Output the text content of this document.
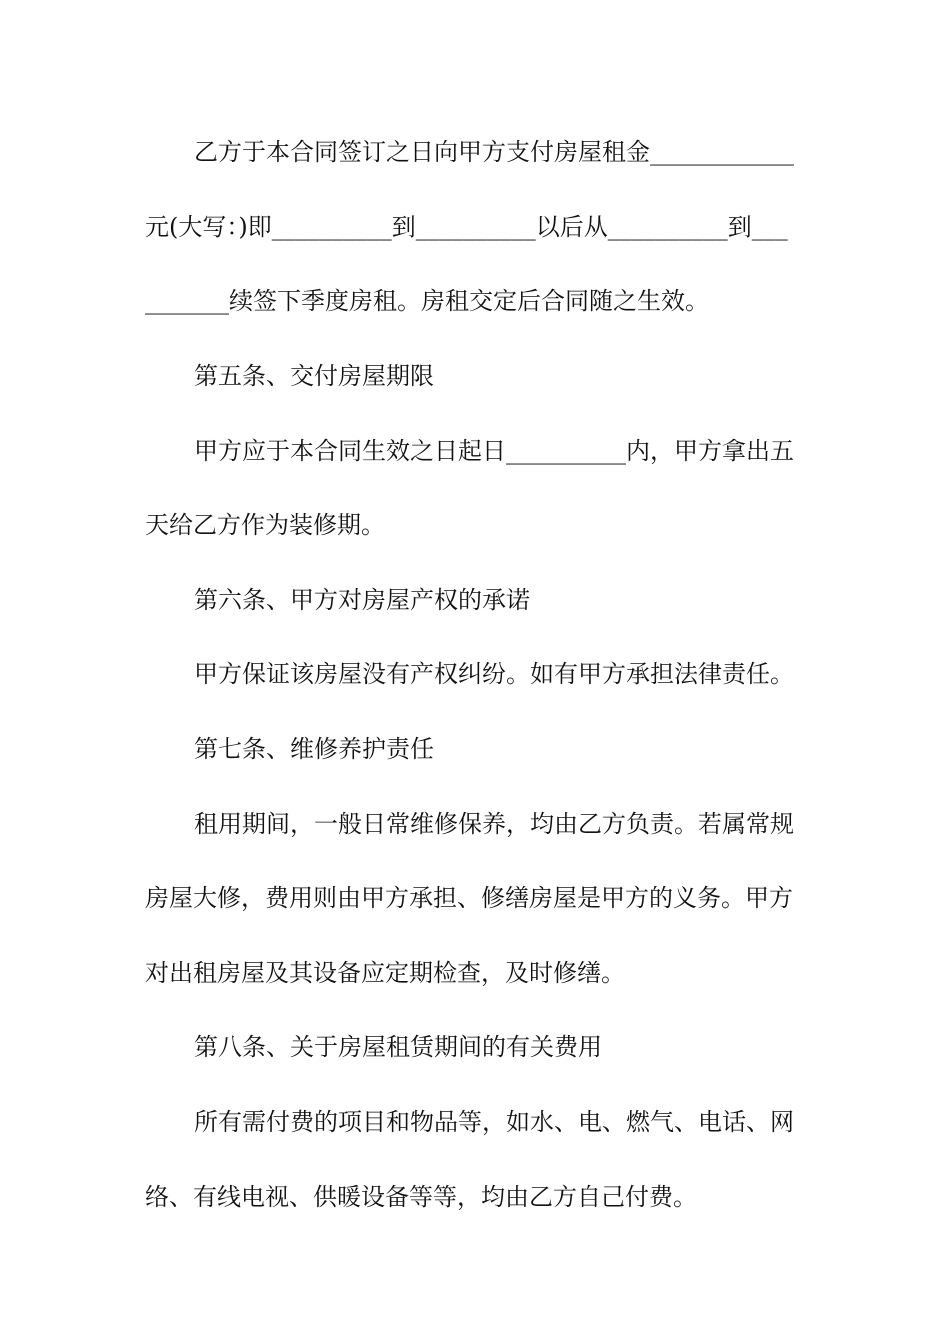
乙方于本合同签订之日向甲方支付房屋租金____________
元(大写：)即__________到__________以后从__________到___
_______续签下季度房租。房租交定后合同随之生效。
第五条、交付房屋期限
甲方应于本合同生效之日起日__________内，甲方拿出五
天给乙方作为装修期。
第六条、甲方对房屋产权的承诺
甲方保证该房屋没有产权纠纷。如有甲方承担法律责任。
第七条、维修养护责任
租用期间，一般日常维修保养，均由乙方负责。若属常规
房屋大修，费用则由甲方承担、修缮房屋是甲方的义务。甲方
对出租房屋及其设备应定期检查，及时修缮。
第八条、关于房屋租赁期间的有关费用
所有需付费的项目和物品等，如水、电、燃气、电话、网
络、有线电视、供暖设备等等，均由乙方自己付费。
